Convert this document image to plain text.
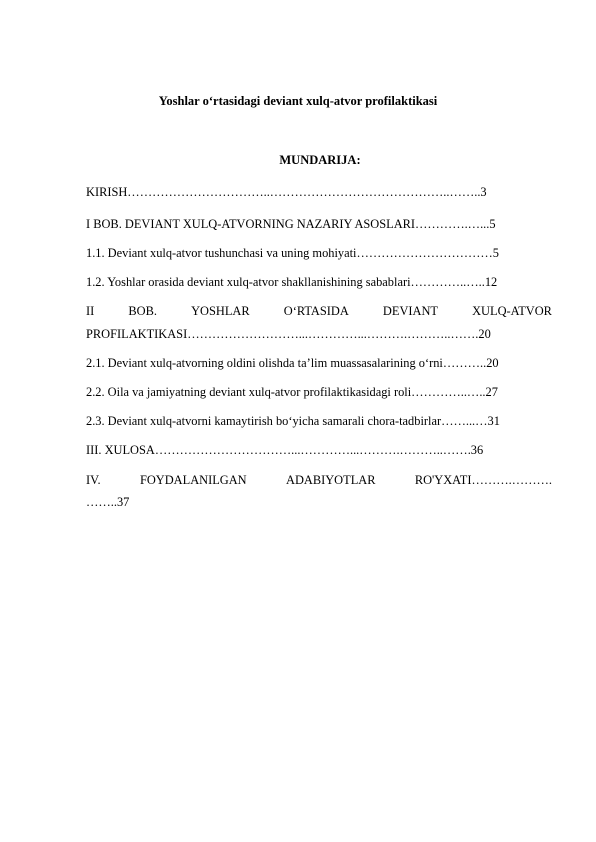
Yoshlar o‘rtasidagi deviant xulq-atvor profilaktikasi
MUNDARIJA:
KIRISH……………………………..……………………………………..……..3
I BOB. DEVIANT XULQ-ATVORNING NAZARIY ASOSLARI………….…...5
1.1. Deviant xulq-atvor tushunchasi va uning mohiyati……………………………5
1.2. Yoshlar orasida deviant xulq-atvor shakllanishining sabablari…………..…..12
II	BOB.	YOSHLAR	O‘RTASIDA	DEVIANT	XULQ-ATVOR
PROFILAKTIKASI………………………...…………...……….………..…….20
2.1. Deviant xulq-atvorning oldini olishda ta’lim muassasalarining o‘rni………..20
2.2. Oila va jamiyatning deviant xulq-atvor profilaktikasidagi roli…………..…..27
2.3. Deviant xulq-atvorni kamaytirish bo‘yicha samarali chora-tadbirlar……...…31
III. XULOSA……………………………...…………...……….………..…….36
IV.	FOYDALANILGAN	ADABIYOTLAR	RO'YXATI……….……….
……..37
